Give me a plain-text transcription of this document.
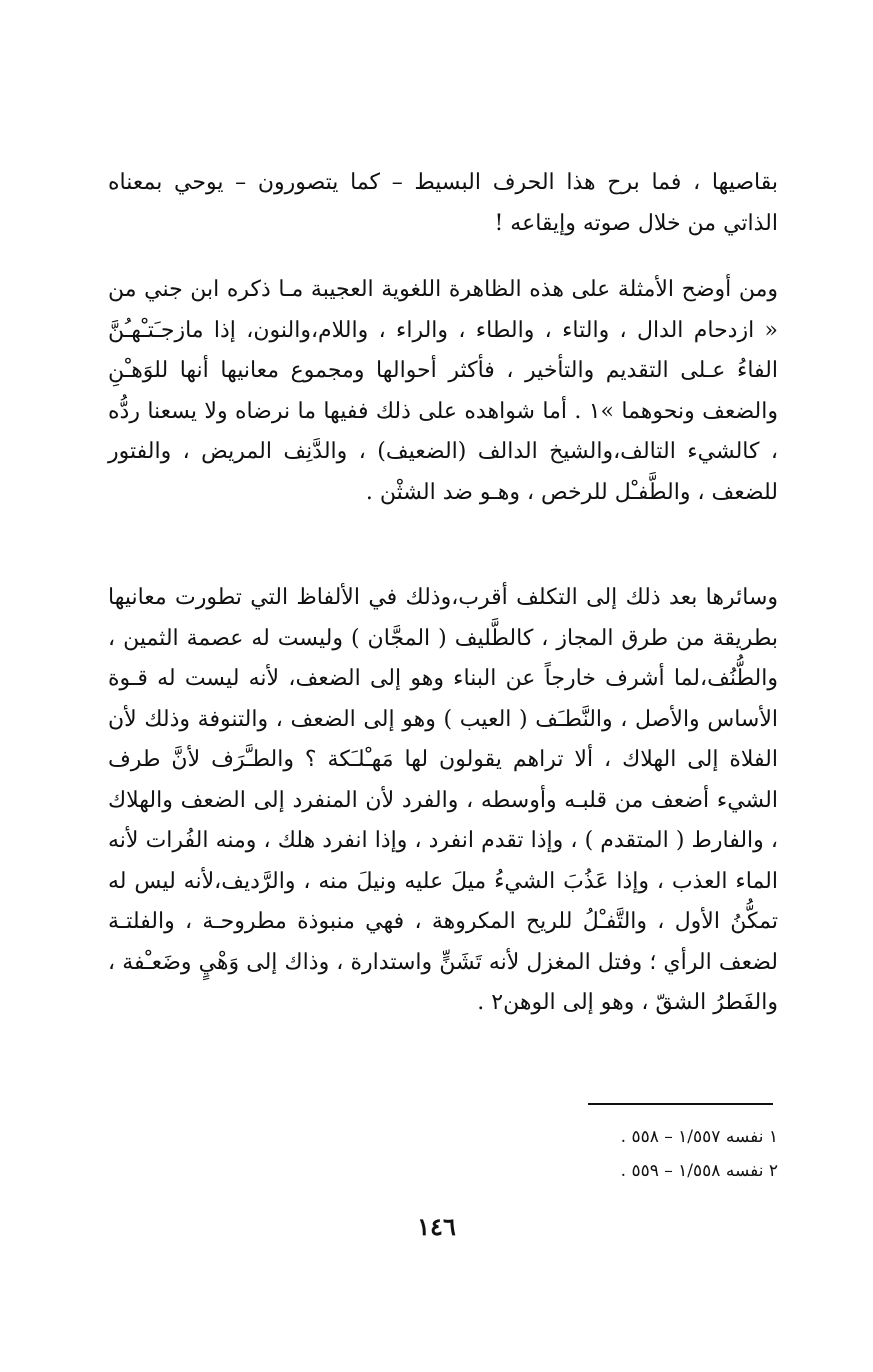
بقاصيها ، فما برح هذا الحرف البسيط – كما يتصورون – يوحي بمعناه الذاتي من خلال صوته وإيقاعه !
ومن أوضح الأمثلة على هذه الظاهرة اللغوية العجيبة مـا ذكره ابن جني من « ازدحام الدال ، والتاء ، والطاء ، والراء ، واللام،والنون، إذا مازجـَتـْهـُنَّ الفاءُ عـلى التقديم والتأخير ، فأكثر أحوالها ومجموع معانيها أنها للوَهـْنِ والضعف ونحوهما »١ . أما شواهده على ذلك ففيها ما نرضاه ولا يسعنا ردُّه ، كالشيء التالف،والشيخ الدالف (الضعيف) ، والدَّنِف المريض ، والفتور للضعف ، والطَّفـْل للرخص ، وهـو ضد الشثْن .
وسائرها بعد ذلك إلى التكلف أقرب،وذلك في الألفاظ التي تطورت معانيها بطريقة من طرق المجاز ، كالطَّليف ( المجَّان ) وليست له عصمة الثمين ، والطُّنُف،لما أشرف خارجاً عن البناء وهو إلى الضعف، لأنه ليست له قـوة الأساس والأصل ، والنَّطـَف ( العيب ) وهو إلى الضعف ، والتنوفة وذلك لأن الفلاة إلى الهلاك ، ألا تراهم يقولون لها مَهـْلـَكة ؟ والطـَّرَف لأنَّ طرف الشيء أضعف من قلبـه وأوسطه ، والفرد لأن المنفرد إلى الضعف والهلاك ، والفارط ( المتقدم ) ، وإذا تقدم انفرد ، وإذا انفرد هلك ، ومنه الفُرات لأنه الماء العذب ، وإذا عَذُبَ الشيءُ ميلَ عليه ونيلَ منه ، والرَّديف،لأنه ليس له تمكُّنُ الأول ، والتَّفـْلُ للريح المكروهة ، فهي منبوذة مطروحـة ، والفلتـة لضعف الرأي ؛ وفتل المغزل لأنه تَشَنٍّ واستدارة ، وذاك إلى وَهْيٍ وضَعـْفة ، والفَطرُ الشقّ ، وهو إلى الوهن٢ .

١ نفسه ١/٥٥٧ – ٥٥٨ .

٢ نفسه ١/٥٥٨ – ٥٥٩ .

١٤٦
